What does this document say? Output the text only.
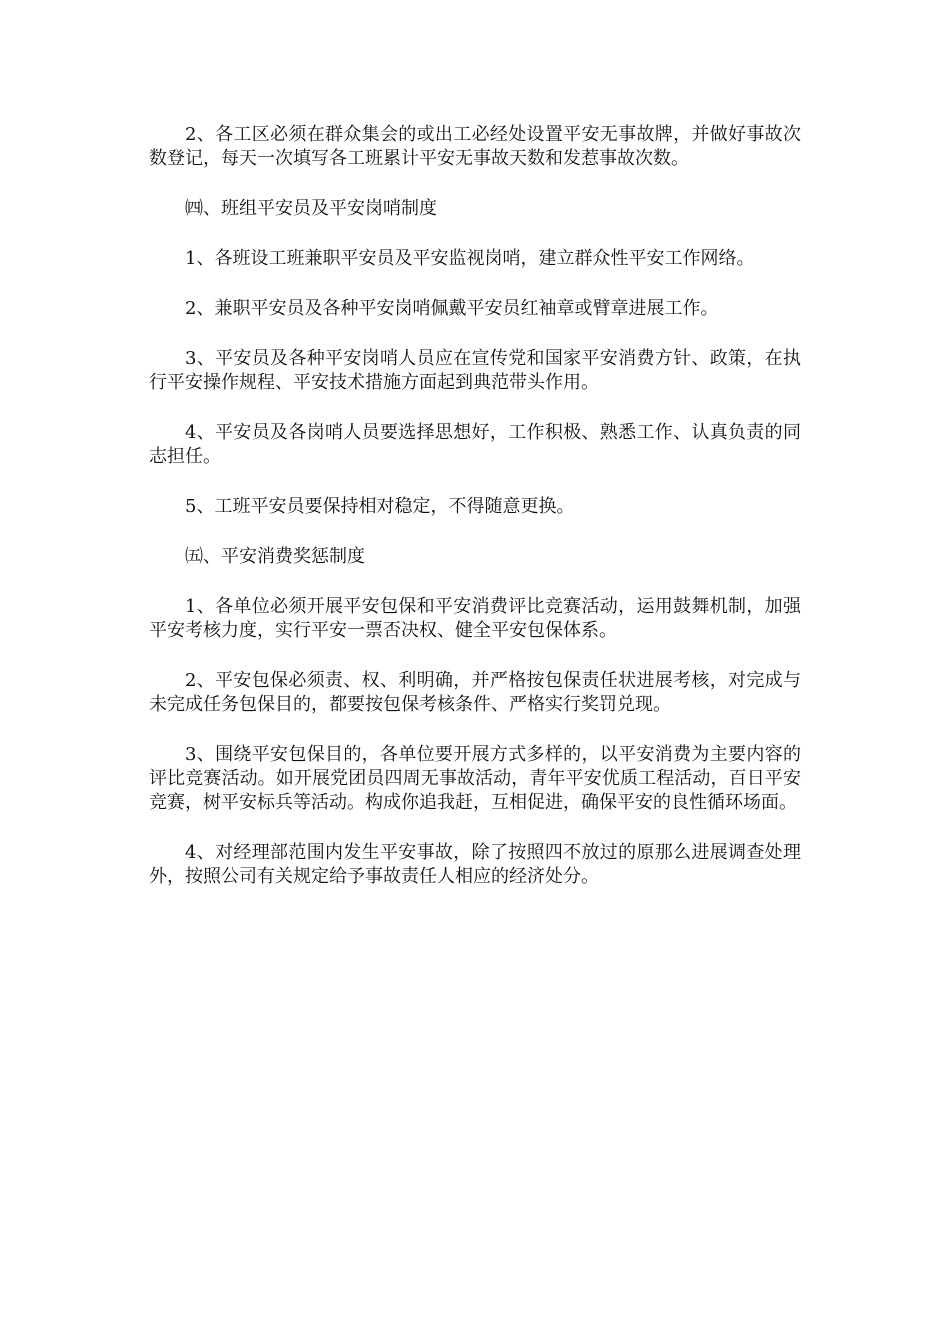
2、各工区必须在群众集会的或出工必经处设置平安无事故牌，并做好事故次数登记，每天一次填写各工班累计平安无事故天数和发惹事故次数。

㈣、班组平安员及平安岗哨制度

1、各班设工班兼职平安员及平安监视岗哨，建立群众性平安工作网络。

2、兼职平安员及各种平安岗哨佩戴平安员红袖章或臂章进展工作。

3、平安员及各种平安岗哨人员应在宣传党和国家平安消费方针、政策，在执行平安操作规程、平安技术措施方面起到典范带头作用。

4、平安员及各岗哨人员要选择思想好，工作积极、熟悉工作、认真负责的同志担任。

5、工班平安员要保持相对稳定，不得随意更换。

㈤、平安消费奖惩制度

1、各单位必须开展平安包保和平安消费评比竞赛活动，运用鼓舞机制，加强平安考核力度，实行平安一票否决权、健全平安包保体系。

2、平安包保必须责、权、利明确，并严格按包保责任状进展考核，对完成与未完成任务包保目的，都要按包保考核条件、严格实行奖罚兑现。

3、围绕平安包保目的，各单位要开展方式多样的，以平安消费为主要内容的评比竞赛活动。如开展党团员四周无事故活动，青年平安优质工程活动，百日平安竞赛，树平安标兵等活动。构成你追我赶，互相促进，确保平安的良性循环场面。

4、对经理部范围内发生平安事故，除了按照四不放过的原那么进展调查处理外，按照公司有关规定给予事故责任人相应的经济处分。
